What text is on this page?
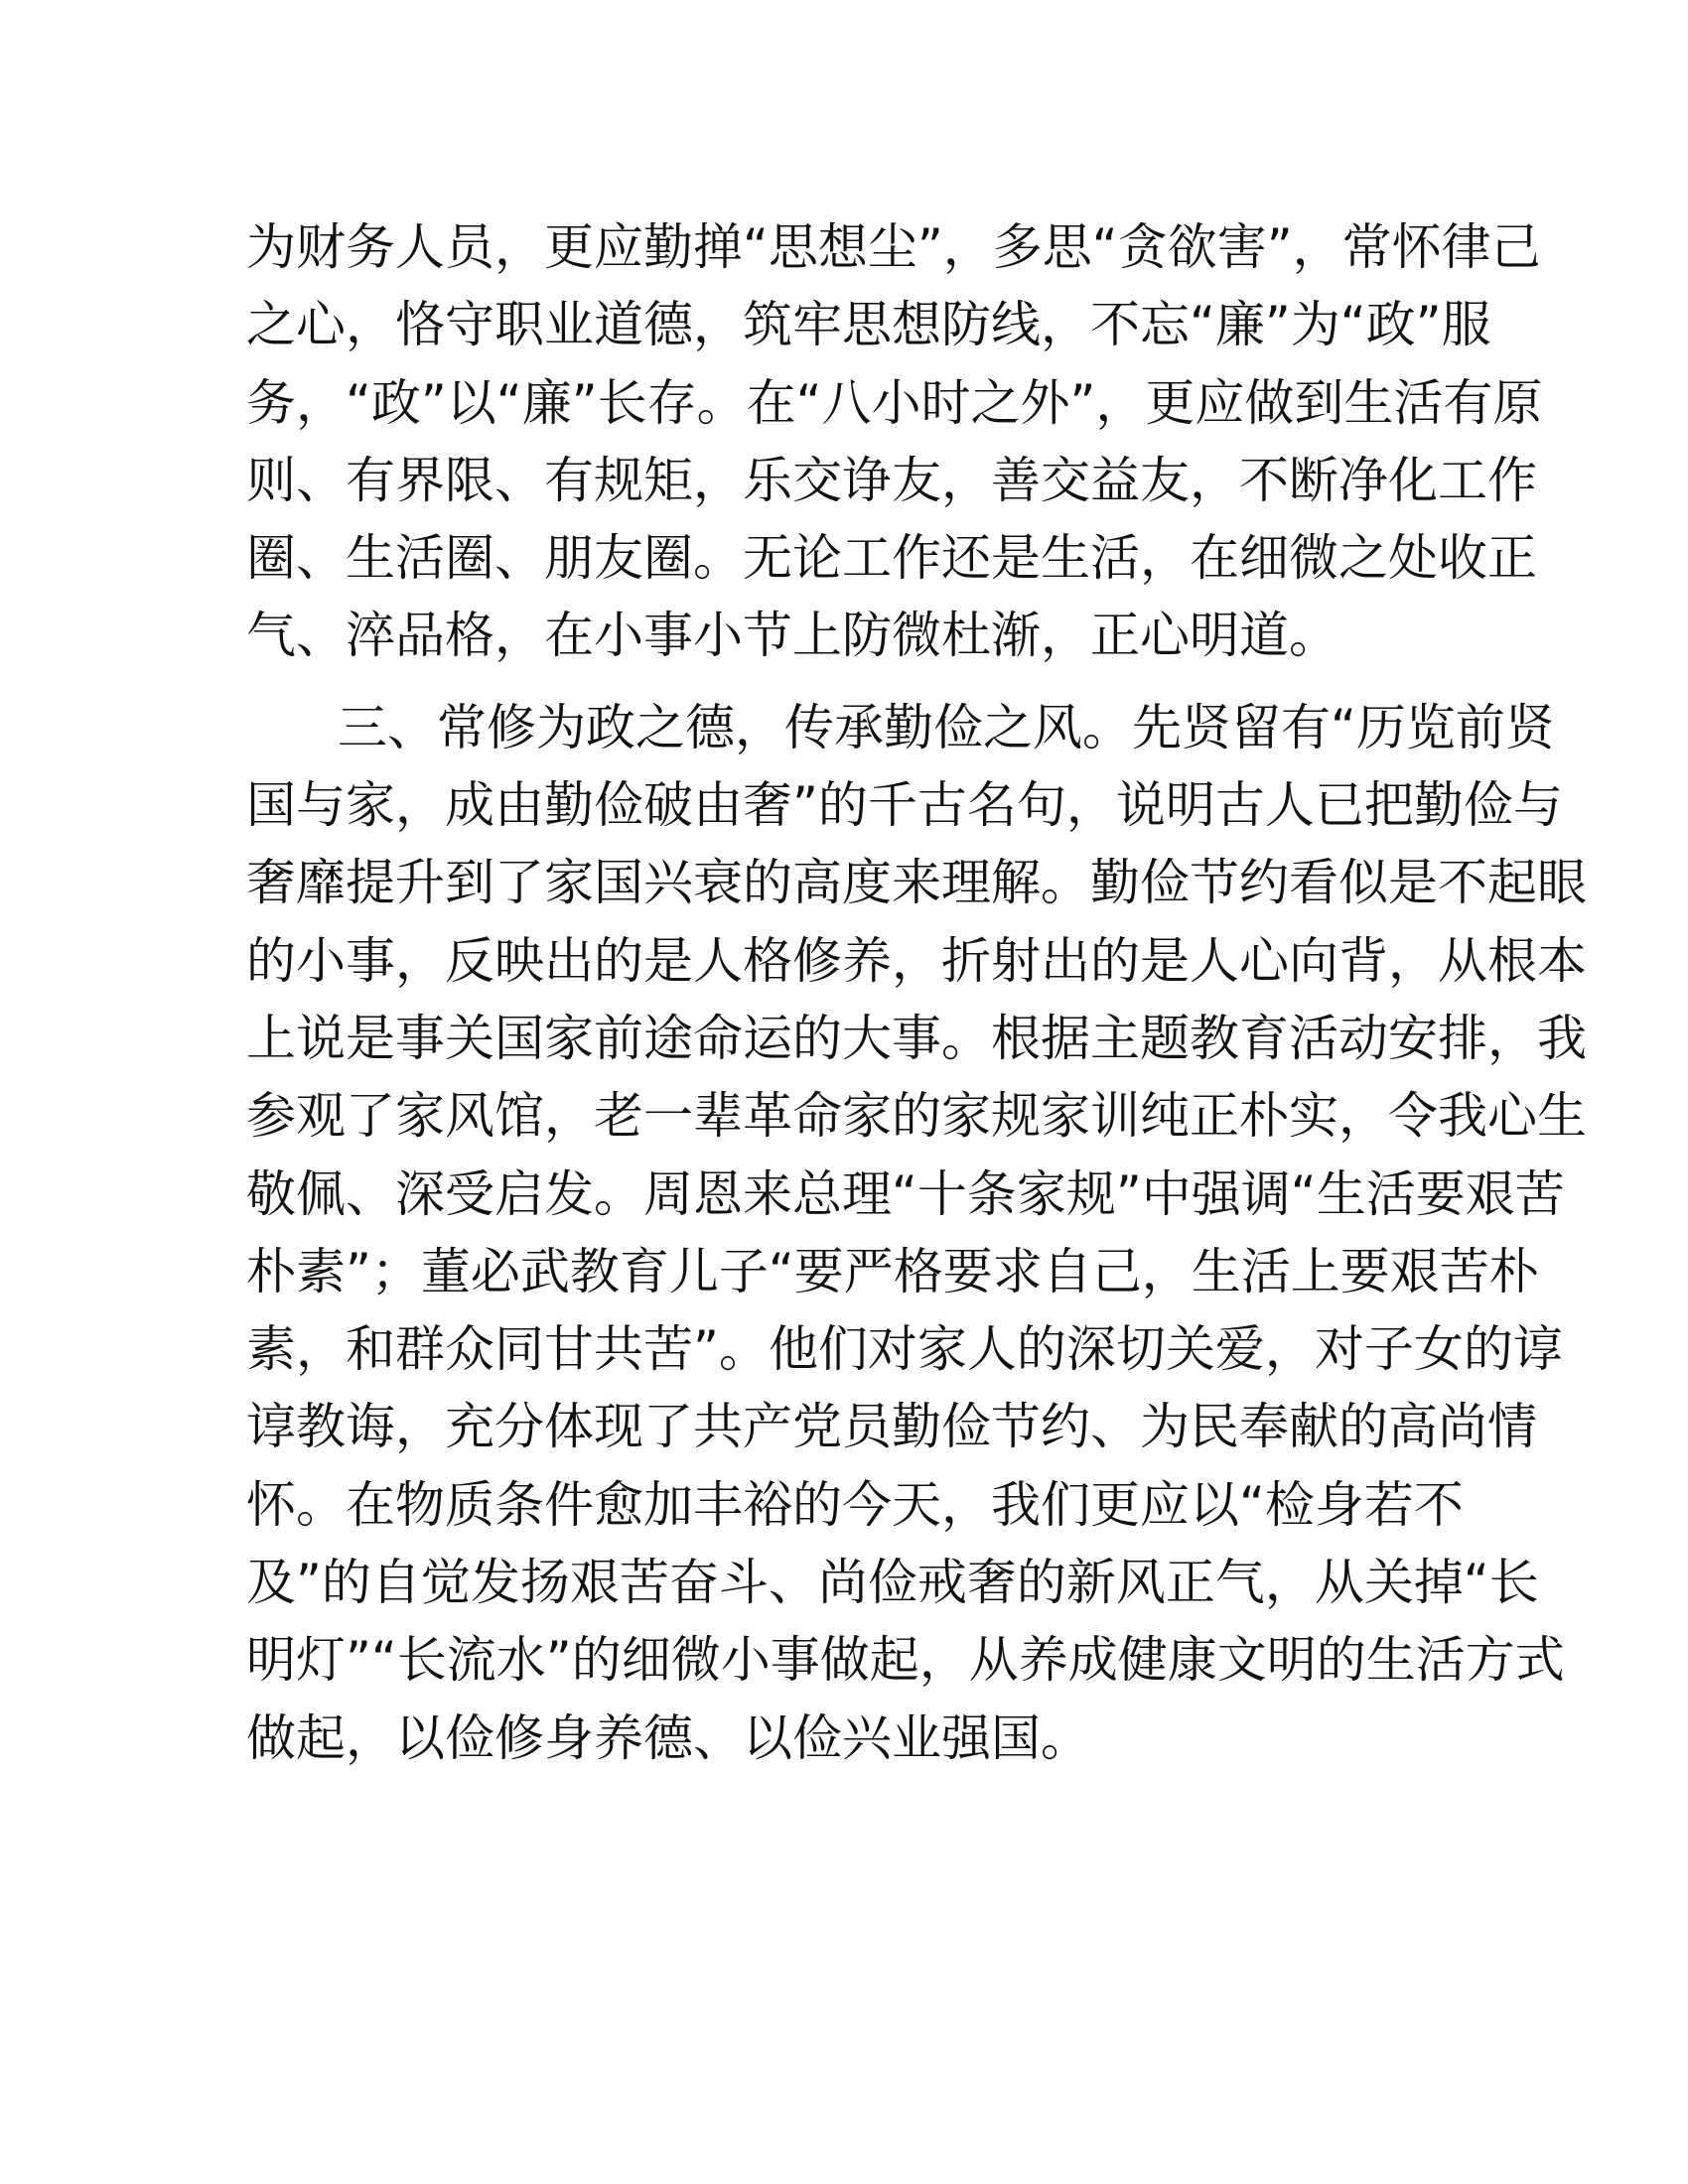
为财务人员，更应勤掸“思想尘”，多思“贪欲害”，常怀律己
之心，恪守职业道德，筑牢思想防线，不忘“廉”为“政”服
务，“政”以“廉”长存。在“八小时之外”，更应做到生活有原
则、有界限、有规矩，乐交诤友，善交益友，不断净化工作
圈、生活圈、朋友圈。无论工作还是生活，在细微之处收正
气、淬品格，在小事小节上防微杜渐，正心明道。
三、常修为政之德，传承勤俭之风。先贤留有“历览前贤
国与家，成由勤俭破由奢”的千古名句，说明古人已把勤俭与
奢靡提升到了家国兴衰的高度来理解。勤俭节约看似是不起眼
的小事，反映出的是人格修养，折射出的是人心向背，从根本
上说是事关国家前途命运的大事。根据主题教育活动安排，我
参观了家风馆，老一辈革命家的家规家训纯正朴实，令我心生
敬佩、深受启发。周恩来总理“十条家规”中强调“生活要艰苦
朴素”；董必武教育儿子“要严格要求自己，生活上要艰苦朴
素，和群众同甘共苦”。他们对家人的深切关爱，对子女的谆
谆教诲，充分体现了共产党员勤俭节约、为民奉献的高尚情
怀。在物质条件愈加丰裕的今天，我们更应以“检身若不
及”的自觉发扬艰苦奋斗、尚俭戒奢的新风正气，从关掉“长
明灯”“长流水”的细微小事做起，从养成健康文明的生活方式
做起，以俭修身养德、以俭兴业强国。
